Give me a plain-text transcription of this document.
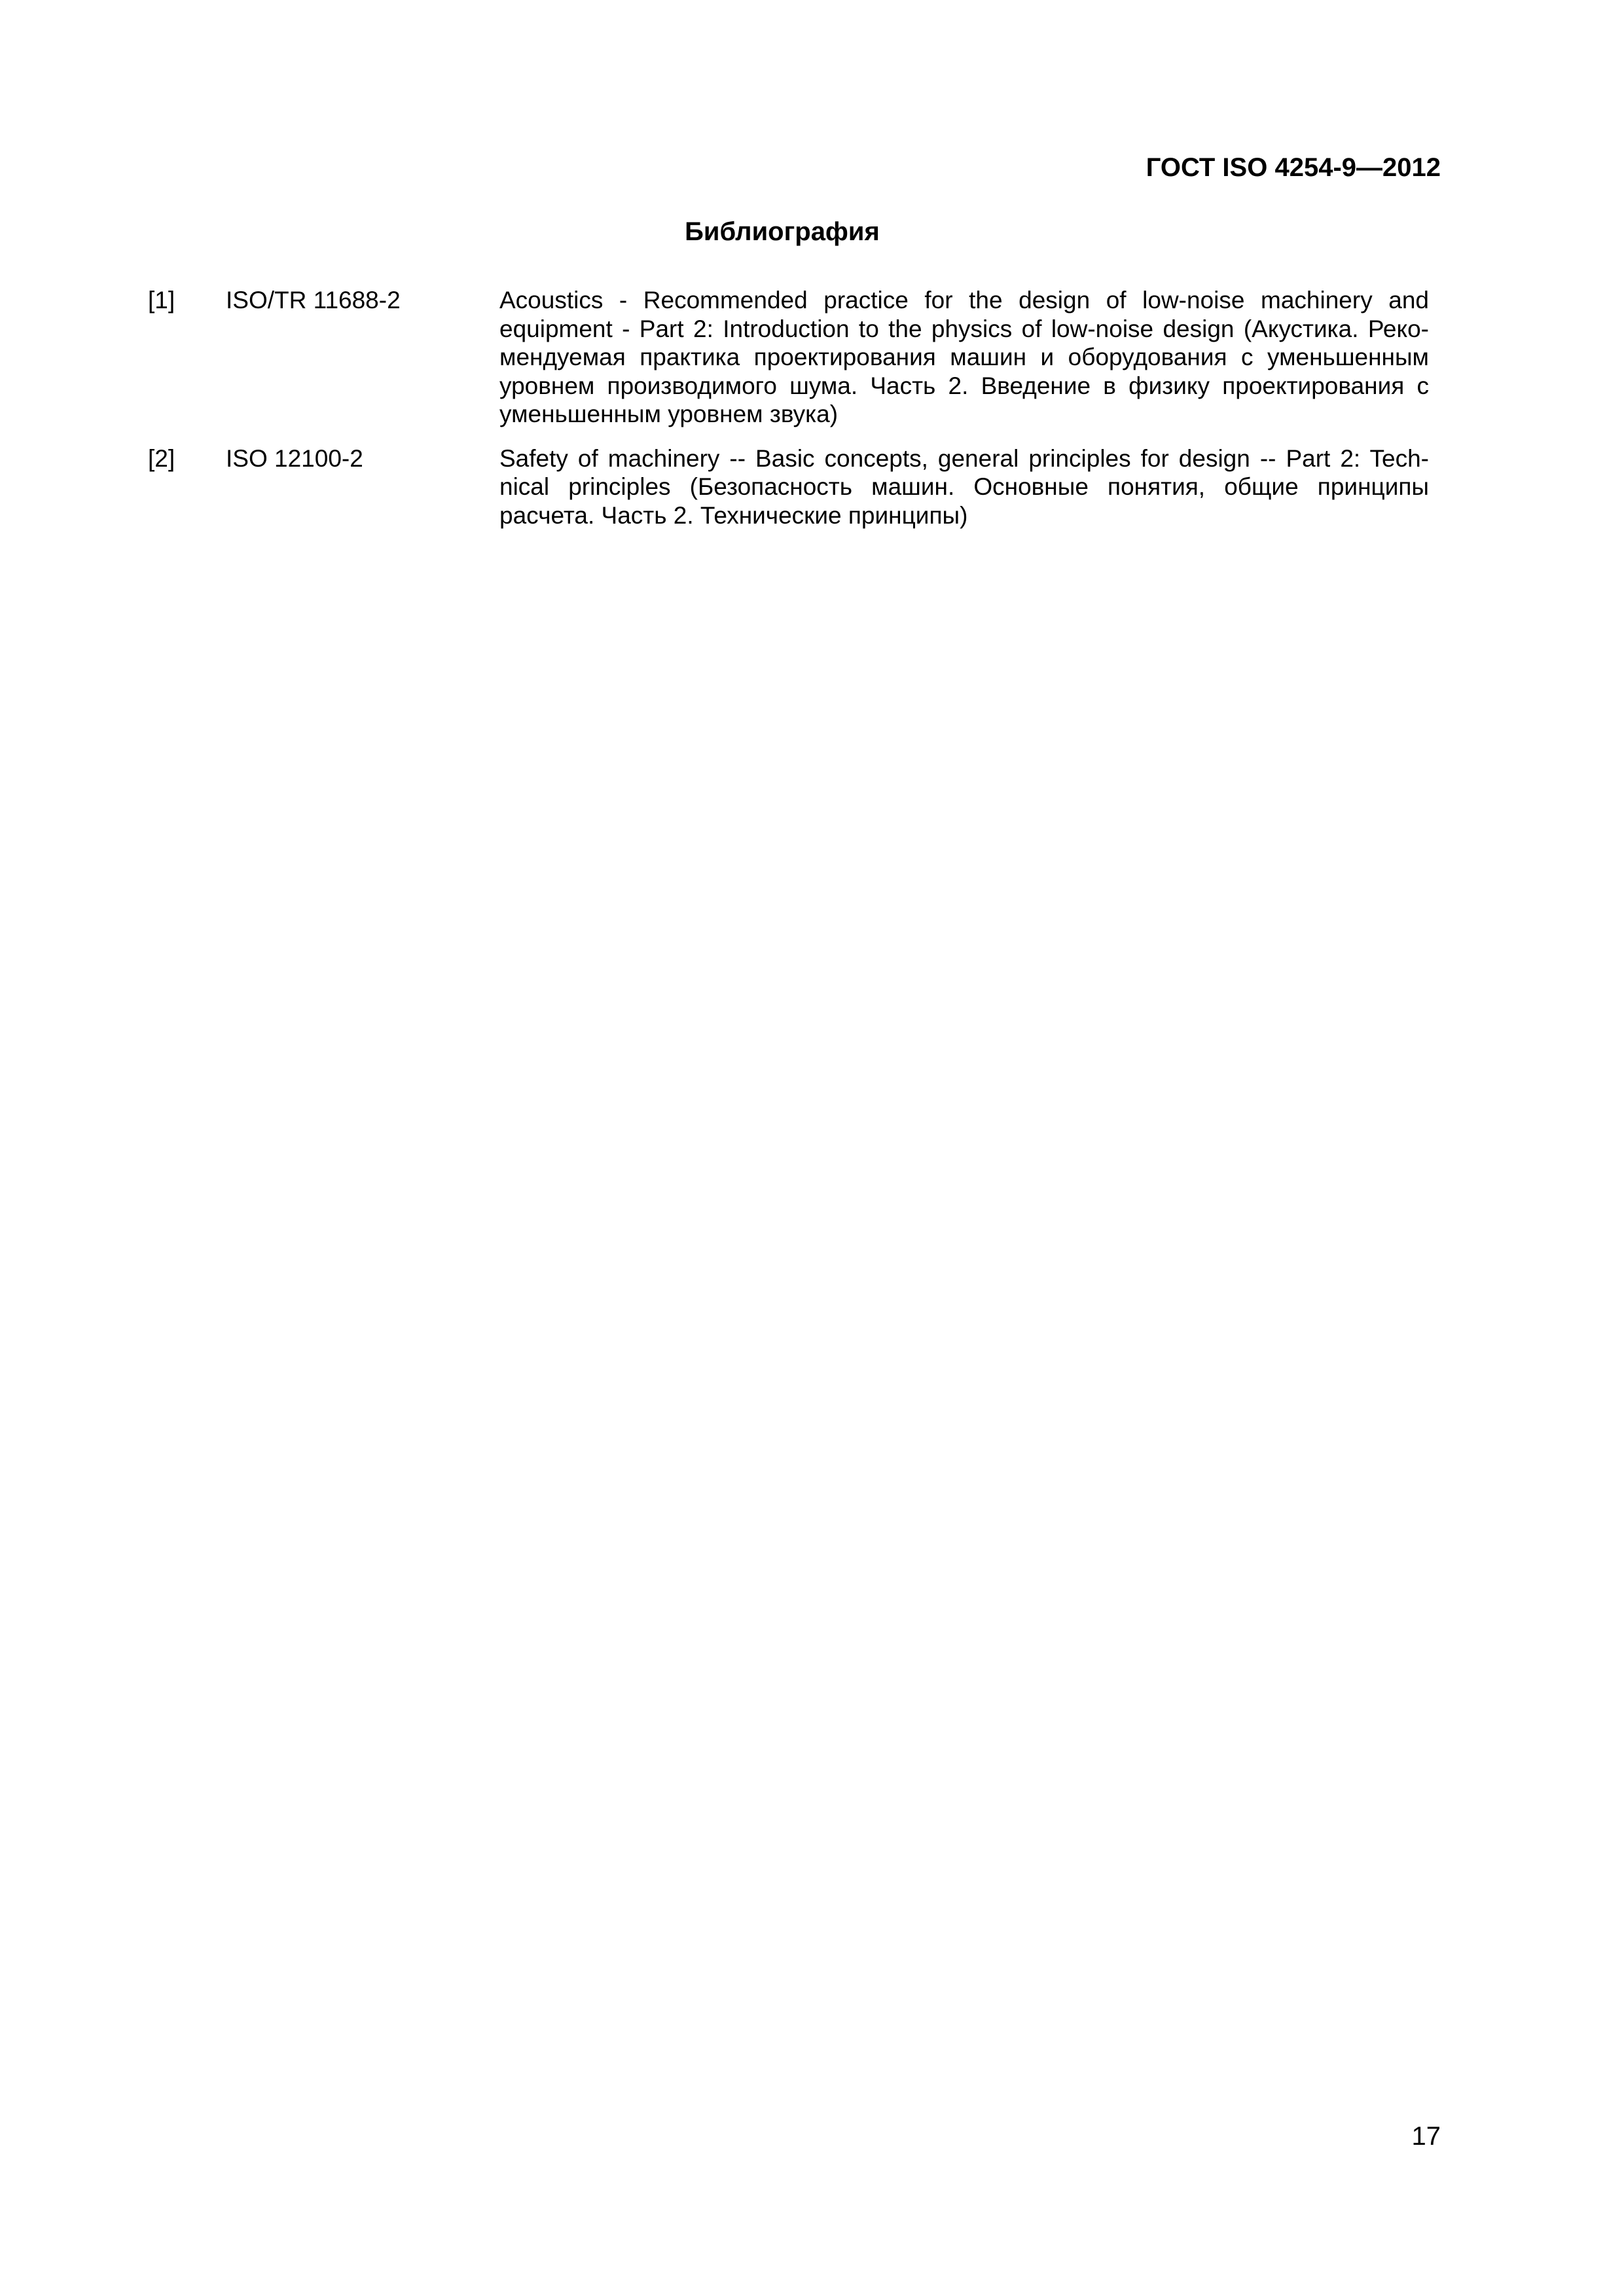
ГОСТ ISO 4254-9—2012
Библиография
[1] ISO/TR 11688-2	Acoustics - Recommended practice for the design of low-noise machinery and equipment - Part 2: Introduction to the physics of low-noise design (Акустика. Реко-мендуемая практика проектирования машин и оборудования с уменьшенным уровнем производимого шума. Часть 2. Введение в физику проектирования с уменьшенным уровнем звука)
[2] ISO 12100-2	Safety of machinery -- Basic concepts, general principles for design -- Part 2: Tech-nical principles (Безопасность машин. Основные понятия, общие принципы расчета. Часть 2. Технические принципы)
17
